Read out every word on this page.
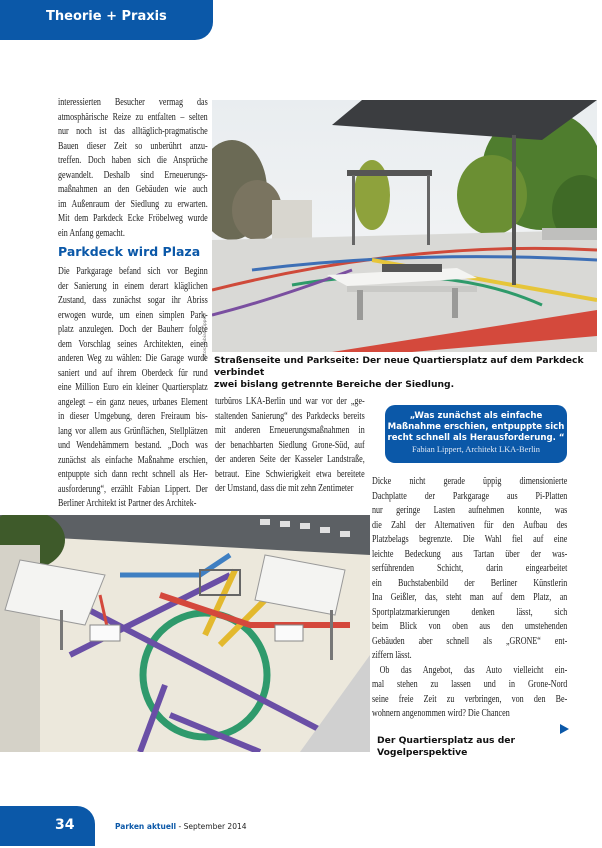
Theorie + Praxis
Fotos: Fabian Lippert
Straßenseite und Parkseite: Der neue Quartiersplatz auf dem Parkdeck verbindet
zwei bislang getrennte Bereiche der Siedlung.
Der Quartiersplatz aus der
Vogelperspektive
interessierten Besucher vermag das
atmosphärische Reize zu entfalten – selten
nur noch ist das alltäglich-pragmatische
Bauen dieser Zeit so unberührt anzu-
treffen. Doch haben sich die Ansprüche
gewandelt. Deshalb sind Erneuerungs-
maßnahmen an den Gebäuden wie auch
im Außenraum der Siedlung zu erwarten.
Mit dem Parkdeck Ecke Fröbelweg wurde
ein Anfang gemacht.
Parkdeck wird Plaza
Die Parkgarage befand sich vor Beginn
der Sanierung in einem derart kläglichen
Zustand, dass zunächst sogar ihr Abriss
erwogen wurde, um einen simplen Park-
platz anzulegen. Doch der Bauherr folgte
dem Vorschlag seines Architekten, einen
anderen Weg zu wählen: Die Garage wurde
saniert und auf ihrem Oberdeck für rund
eine Million Euro ein kleiner Quartiersplatz
angelegt – ein ganz neues, urbanes Element
in dieser Umgebung, deren Freiraum bis-
lang vor allem aus Grünflächen, Stellplätzen
und Wendehämmern bestand. „Doch was
zunächst als einfache Maßnahme erschien,
entpuppte sich dann recht schnell als Her-
ausforderung“, erzählt Fabian Lippert. Der
Berliner Architekt ist Partner des Architek-
turbüros LKA-Berlin und war vor der „ge-
staltenden Sanierung“ des Parkdecks bereits
mit anderen Erneuerungsmaßnahmen in
der benachbarten Siedlung Grone-Süd, auf
der anderen Seite der Kasseler Landstraße,
betraut. Eine Schwierigkeit etwa bereitete
der Umstand, dass die mit zehn Zentimeter
Dicke nicht gerade üppig dimensionierte
Dachplatte der Parkgarage aus Pi-Platten
nur geringe Lasten aufnehmen konnte, was
die Zahl der Alternativen für den Aufbau des
Platzbelags begrenzte. Die Wahl fiel auf eine
leichte Bedeckung aus Tartan über der was-
serführenden Schicht, darin eingearbeitet
ein Buchstabenbild der Berliner Künstlerin
Ina Geißler, das, steht man auf dem Platz, an
Sportplatzmarkierungen denken lässt, sich
beim Blick von oben aus den umstehenden
Gebäuden aber schnell als „GRONE“ ent-
ziffern lässt.
Ob das Angebot, das Auto vielleicht ein-
mal stehen zu lassen und in Grone-Nord
seine freie Zeit zu verbringen, von den Be-
wohnern angenommen wird? Die Chancen
„Was zunächst als einfache
Maßnahme erschien, entpuppte sich
recht schnell als Herausforderung. “
Fabian Lippert, Architekt LKA-Berlin
34	Parken aktuell - September 2014
